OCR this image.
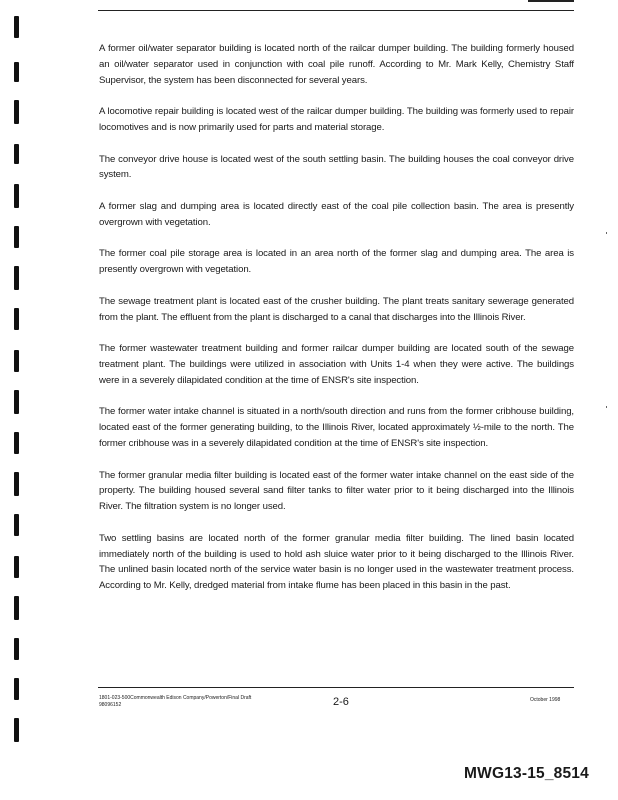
A former oil/water separator building is located north of the railcar dumper building. The building formerly housed an oil/water separator used in conjunction with coal pile runoff. According to Mr. Mark Kelly, Chemistry Staff Supervisor, the system has been disconnected for several years.

A locomotive repair building is located west of the railcar dumper building. The building was formerly used to repair locomotives and is now primarily used for parts and material storage.

The conveyor drive house is located west of the south settling basin. The building houses the coal conveyor drive system.

A former slag and dumping area is located directly east of the coal pile collection basin. The area is presently overgrown with vegetation.

The former coal pile storage area is located in an area north of the former slag and dumping area. The area is presently overgrown with vegetation.

The sewage treatment plant is located east of the crusher building. The plant treats sanitary sewerage generated from the plant. The effluent from the plant is discharged to a canal that discharges into the Illinois River.

The former wastewater treatment building and former railcar dumper building are located south of the sewage treatment plant. The buildings were utilized in association with Units 1-4 when they were active. The buildings were in a severely dilapidated condition at the time of ENSR's site inspection.

The former water intake channel is situated in a north/south direction and runs from the former cribhouse building, located east of the former generating building, to the Illinois River, located approximately ½-mile to the north. The former cribhouse was in a severely dilapidated condition at the time of ENSR's site inspection.

The former granular media filter building is located east of the former water intake channel on the east side of the property. The building housed several sand filter tanks to filter water prior to it being discharged into the Illinois River. The filtration system is no longer used.

Two settling basins are located north of the former granular media filter building. The lined basin located immediately north of the building is used to hold ash sluice water prior to it being discharged to the Illinois River. The unlined basin located north of the service water basin is no longer used in the wastewater treatment process. According to Mr. Kelly, dredged material from intake flume has been placed in this basin in the past.

1801-023-500Commonwealth Edison Company/Powerton/Final Draft
98096152	2-6	October 1998
MWG13-15_8514
